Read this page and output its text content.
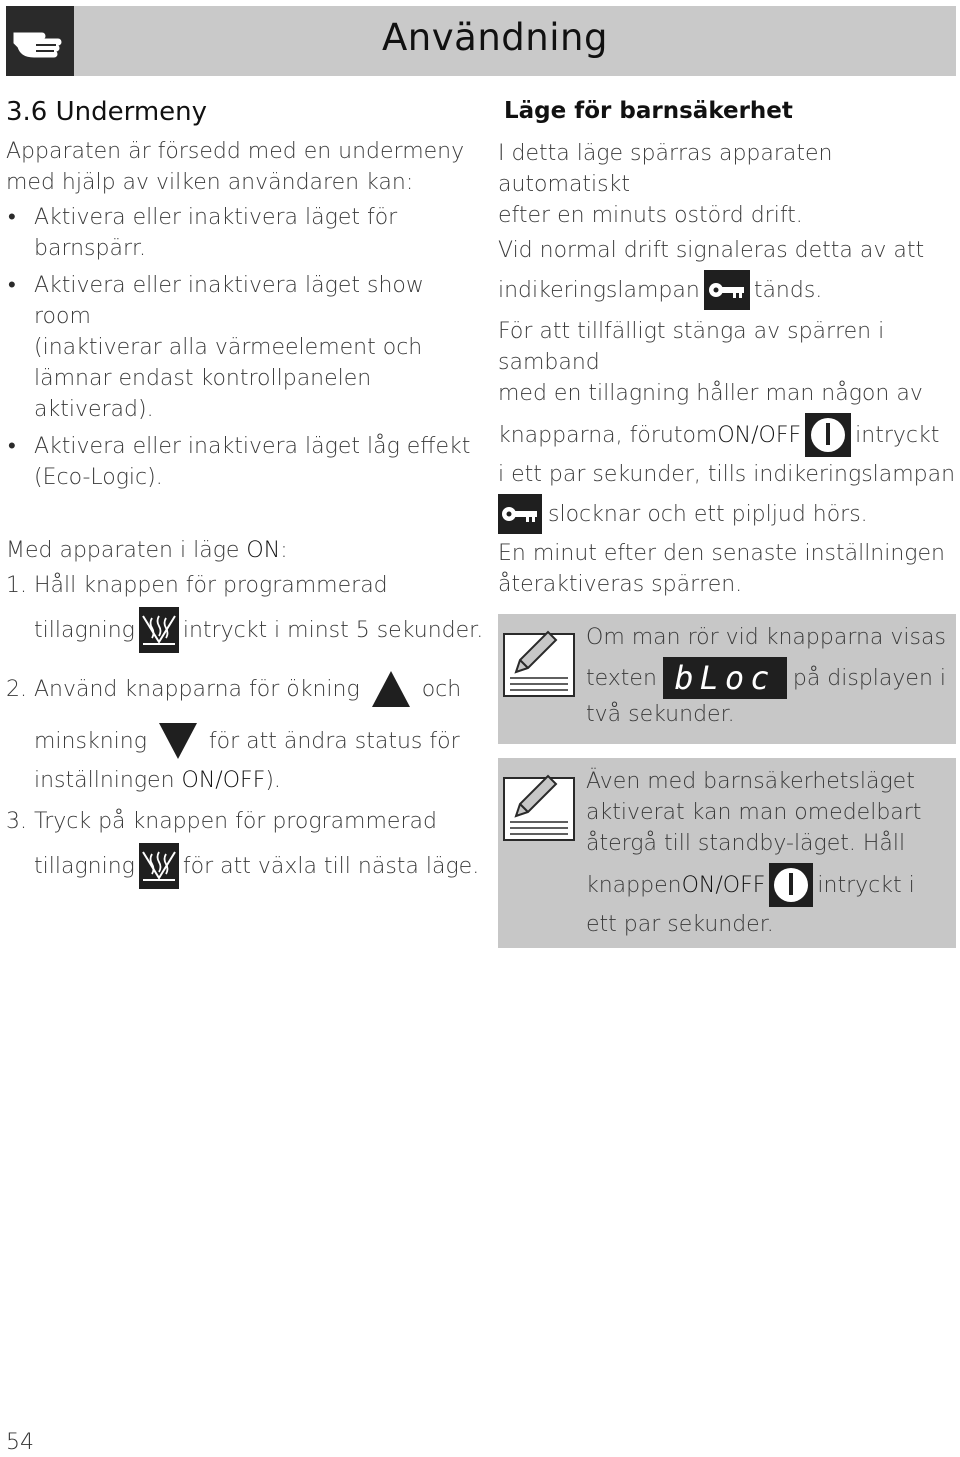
Användning
3.6 Undermeny
Apparaten är försedd med en undermeny
med hjälp av vilken användaren kan:
• Aktivera eller inaktivera läget för
barnspärr.
• Aktivera eller inaktivera läget show room
(inaktiverar alla värmeelement och
lämnar endast kontrollpanelen
aktiverad).
• Aktivera eller inaktivera läget låg effekt
(Eco-Logic).
Med apparaten i läge ON:
1. Håll knappen för programmerad
tillagning intryckt i minst 5 sekunder.
2. Använd knapparna för ökning	och
minskning	för att ändra status för
inställningen ON/OFF).
3. Tryck på knappen för programmerad
tillagning för att växla till nästa läge.
Läge för barnsäkerhet
I detta läge spärras apparaten automatiskt
efter en minuts ostörd drift.
Vid normal drift signaleras detta av att
indikeringslampan tänds.
För att tillfälligt stänga av spärren i samband
med en tillagning håller man någon av
knapparna, förutom ON/OFF intryckt
i ett par sekunder, tills indikeringslampan
slocknar och ett pipljud hörs.
En minut efter den senaste inställningen
återaktiveras spärren.
Om man rör vid knapparna visas
texten bLoc på displayen i
två sekunder.
Även med barnsäkerhetsläget
aktiverat kan man omedelbart
återgå till standby-läget. Håll
knappen ON/OFF intryckt i
ett par sekunder.
54
